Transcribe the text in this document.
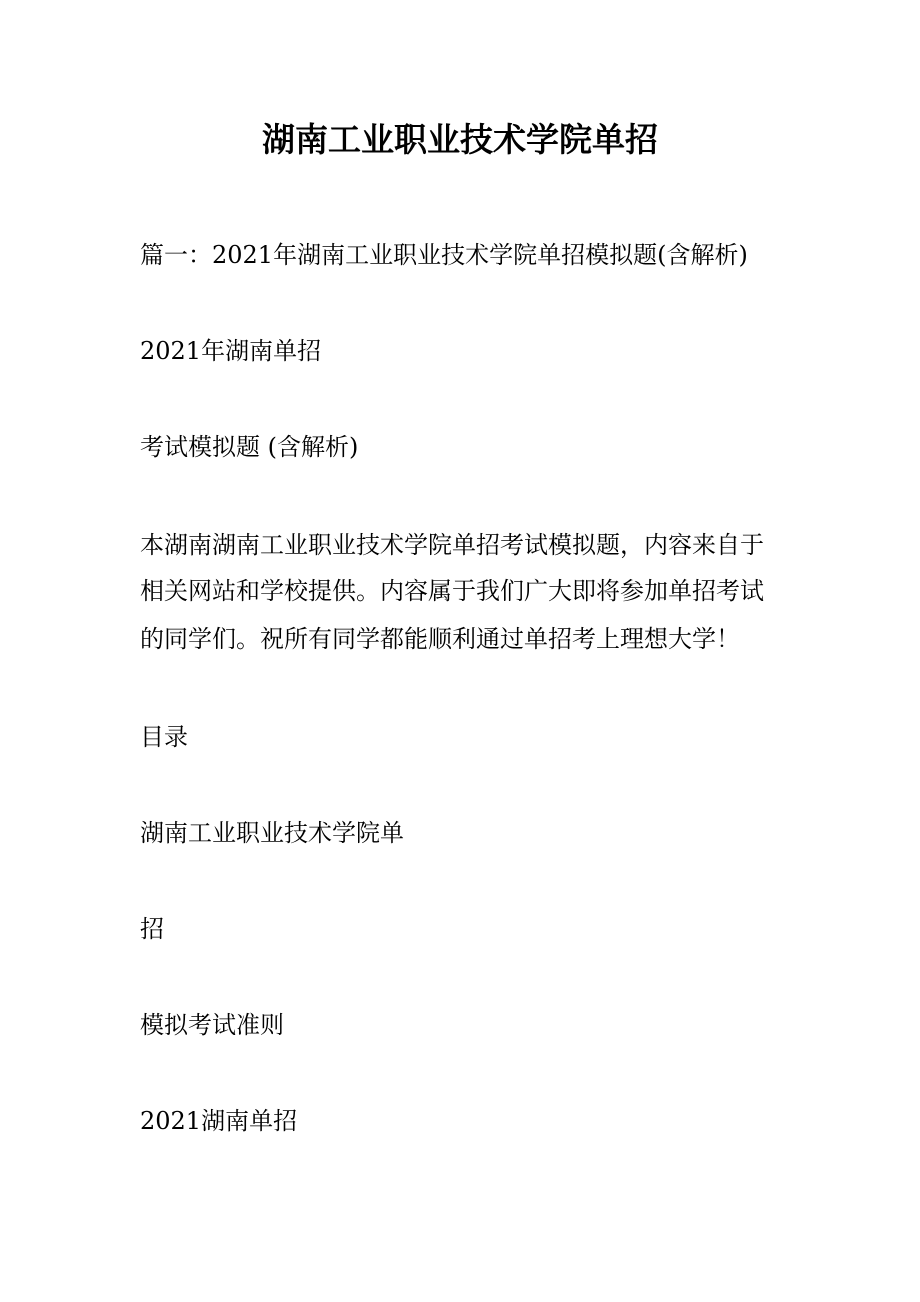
湖南工业职业技术学院单招

篇一：2021年湖南工业职业技术学院单招模拟题(含解析)

2021年湖南单招

考试模拟题 (含解析)

本湖南湖南工业职业技术学院单招考试模拟题，内容来自于

相关网站和学校提供。内容属于我们广大即将参加单招考试

的同学们。祝所有同学都能顺利通过单招考上理想大学！

目录

湖南工业职业技术学院单

招

模拟考试准则

2021湖南单招
